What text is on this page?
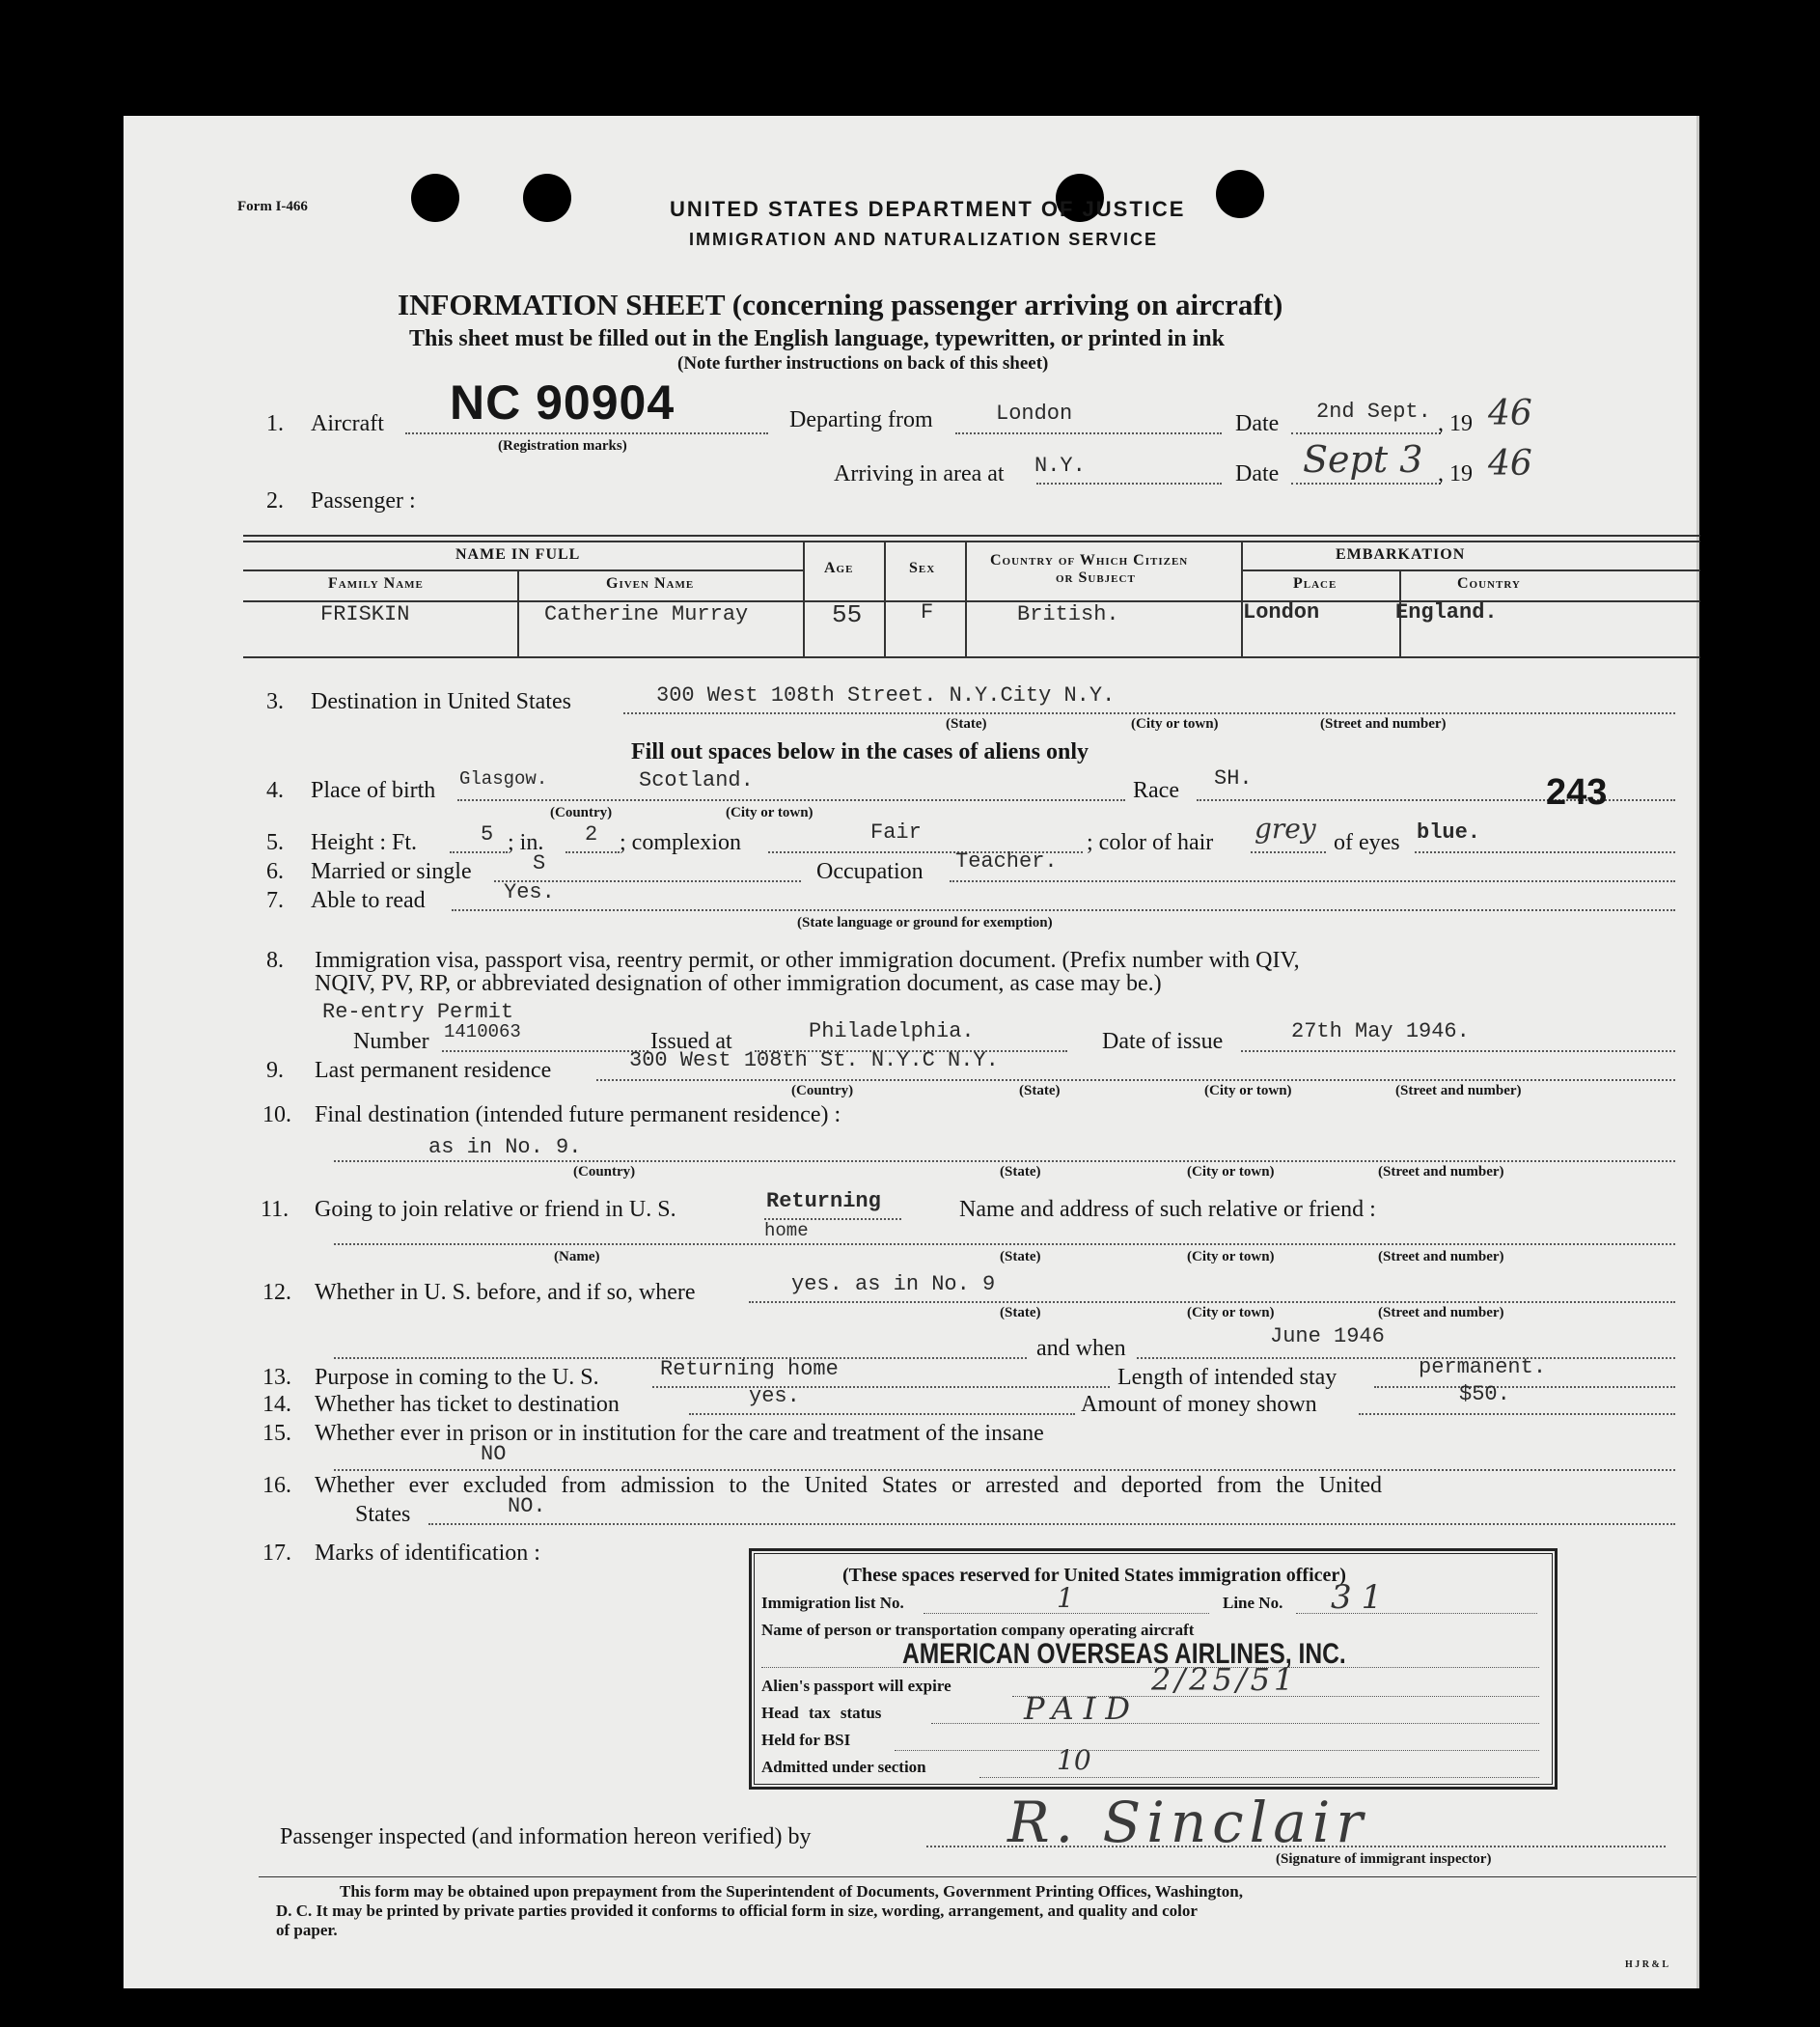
Form I-466	UNITED STATES DEPARTMENT OF JUSTICE
IMMIGRATION AND NATURALIZATION SERVICE
INFORMATION SHEET (concerning passenger arriving on aircraft)
This sheet must be filled out in the English language, typewritten, or printed in ink
(Note further instructions on back of this sheet)
1. Aircraft NC 90904
(Registration marks)
Departing from	London	Date 2nd Sept. , 19 46
Arriving in area at N.Y.	Date Sept 3 , 19 46
2. Passenger :
NAME IN FULL
Family Name	Given Name
Age	Sex	Country of Which Citizen
or Subject
EMBARKATION
Place	Country
FRISKIN	Catherine Murray	55	F	British.	London	England.
3. Destination in United States	300 West 108th Street. N.Y.City N.Y.
(State)	(City or town)	(Street and number)
Fill out spaces below in the cases of aliens only
4. Place of birth Glasgow.	Scotland.
(Country)	(City or town)
Race SH.	243
5. Height : Ft.	5 ; in. 2 ; complexion	Fair	; color of hair grey of eyes blue.
6. Married or single	S	Occupation Teacher.
7. Able to read	Yes.
(State language or ground for exemption)
8. Immigration visa, passport visa, reentry permit, or other immigration document. (Prefix number with QIV,
NQIV, PV, RP, or abbreviated designation of other immigration document, as case may be.)
Re-entry Permit
Number 1410063	Issued at	Philadelphia.	Date of issue	27th May 1946.
9. Last permanent residence	300 West 108th St. N.Y.C N.Y.
(Country)	(State)	(City or town)	(Street and number)
10. Final destination (intended future permanent residence) :
as in No. 9.
(Country)	(State)	(City or town)	(Street and number)
11. Going to join relative or friend in U. S.	Returning	Name and address of such relative or friend :
home
(Name)	(State)	(City or town)	(Street and number)
12. Whether in U. S. before, and if so, where	yes. as in No. 9
(State)	(City or town)	(Street and number)
and when	June 1946
13. Purpose in coming to the U. S.	Returning home	Length of intended stay	permanent.
14. Whether has ticket to destination	yes.	Amount of money shown	$50.
15. Whether ever in prison or in institution for the care and treatment of the insane
NO
16. Whether ever excluded from admission to the United States or arrested and deported from the United
States	NO.
17. Marks of identification :
(These spaces reserved for United States immigration officer)
Immigration list No.	1	Line No. 31
Name of person or transportation company operating aircraft
AMERICAN OVERSEAS AIRLINES, INC.
Alien's passport will expire	2/25/51
Head tax status	PAID
Held for BSI
Admitted under section	10
Passenger inspected (and information hereon verified) by	R. Sinclair
(Signature of immigrant inspector)
This form may be obtained upon prepayment from the Superintendent of Documents, Government Printing Offices, Washington,
D. C. It may be printed by private parties provided it conforms to official form in size, wording, arrangement, and quality and color
of paper.
H J R & L
